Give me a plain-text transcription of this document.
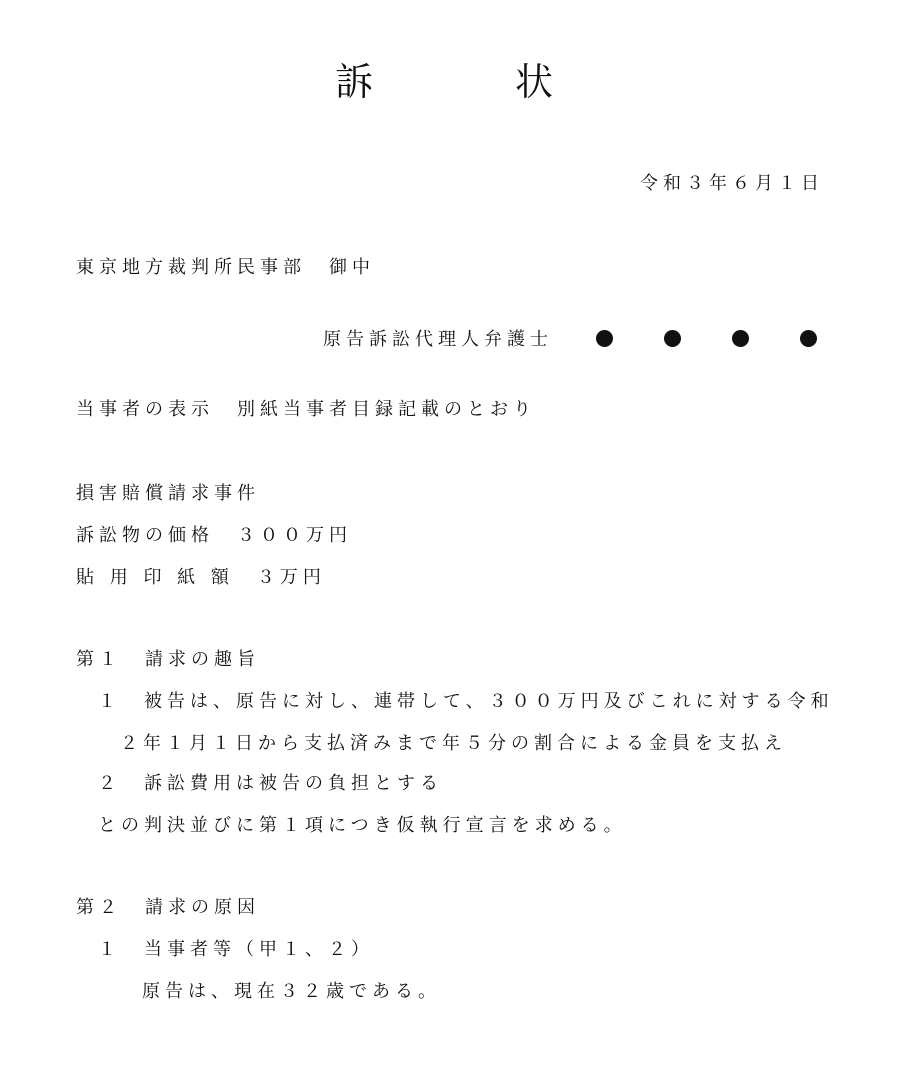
訴	状
令和３年６月１日
東京地方裁判所民事部　御中
原告訴訟代理人弁護士
当事者の表示　別紙当事者目録記載のとおり
損害賠償請求事件
訴訟物の価格　３００万円
貼 用 印 紙 額　３万円
第１　請求の趣旨
１　被告は、原告に対し、連帯して、３００万円及びこれに対する令和
２年１月１日から支払済みまで年５分の割合による金員を支払え
２　訴訟費用は被告の負担とする
との判決並びに第１項につき仮執行宣言を求める。
第２　請求の原因
１　当事者等（甲１、２）
原告は、現在３２歳である。
